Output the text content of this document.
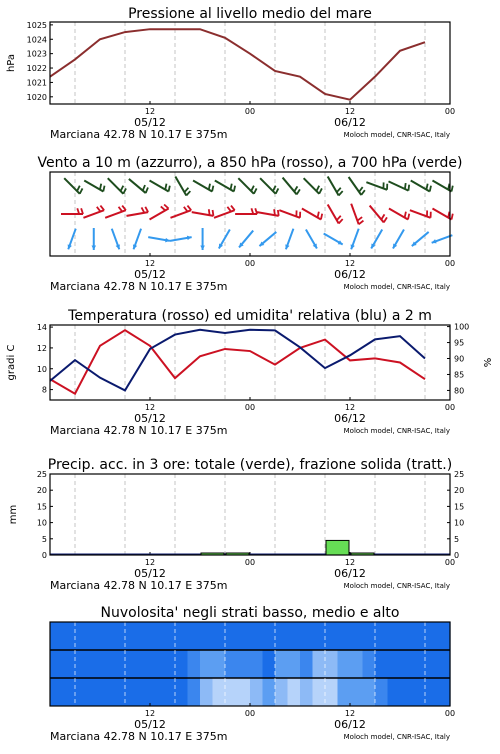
Pressione al livello medio del mare
12	00	12	00
05/12	06/12
Marciana 42.78 N 10.17 E 375m	Moloch model, CNR-ISAC, Italy
1020
1021
1022
1023
1024
1025
hPa
Vento a 10 m (azzurro), a 850 hPa (rosso), a 700 hPa (verde)
12	00	12	00
05/12	06/12
Marciana 42.78 N 10.17 E 375m	Moloch model, CNR-ISAC, Italy
Temperatura (rosso) ed umidita' relativa (blu) a 2 m
12	00	12	00
05/12	06/12
Marciana 42.78 N 10.17 E 375m	Moloch model, CNR-ISAC, Italy
8
10
12
14
80
85
90
95
100
gradi C	%
Precip. acc. in 3 ore: totale (verde), frazione solida (tratt.)
12	00	12	00
05/12	06/12
Marciana 42.78 N 10.17 E 375m	Moloch model, CNR-ISAC, Italy
0	0
5	5
10	10
15	15
20	20
25	25
mm
Nuvolosita' negli strati basso, medio e alto
12	00	12	00
05/12	06/12
Marciana 42.78 N 10.17 E 375m	Moloch model, CNR-ISAC, Italy
